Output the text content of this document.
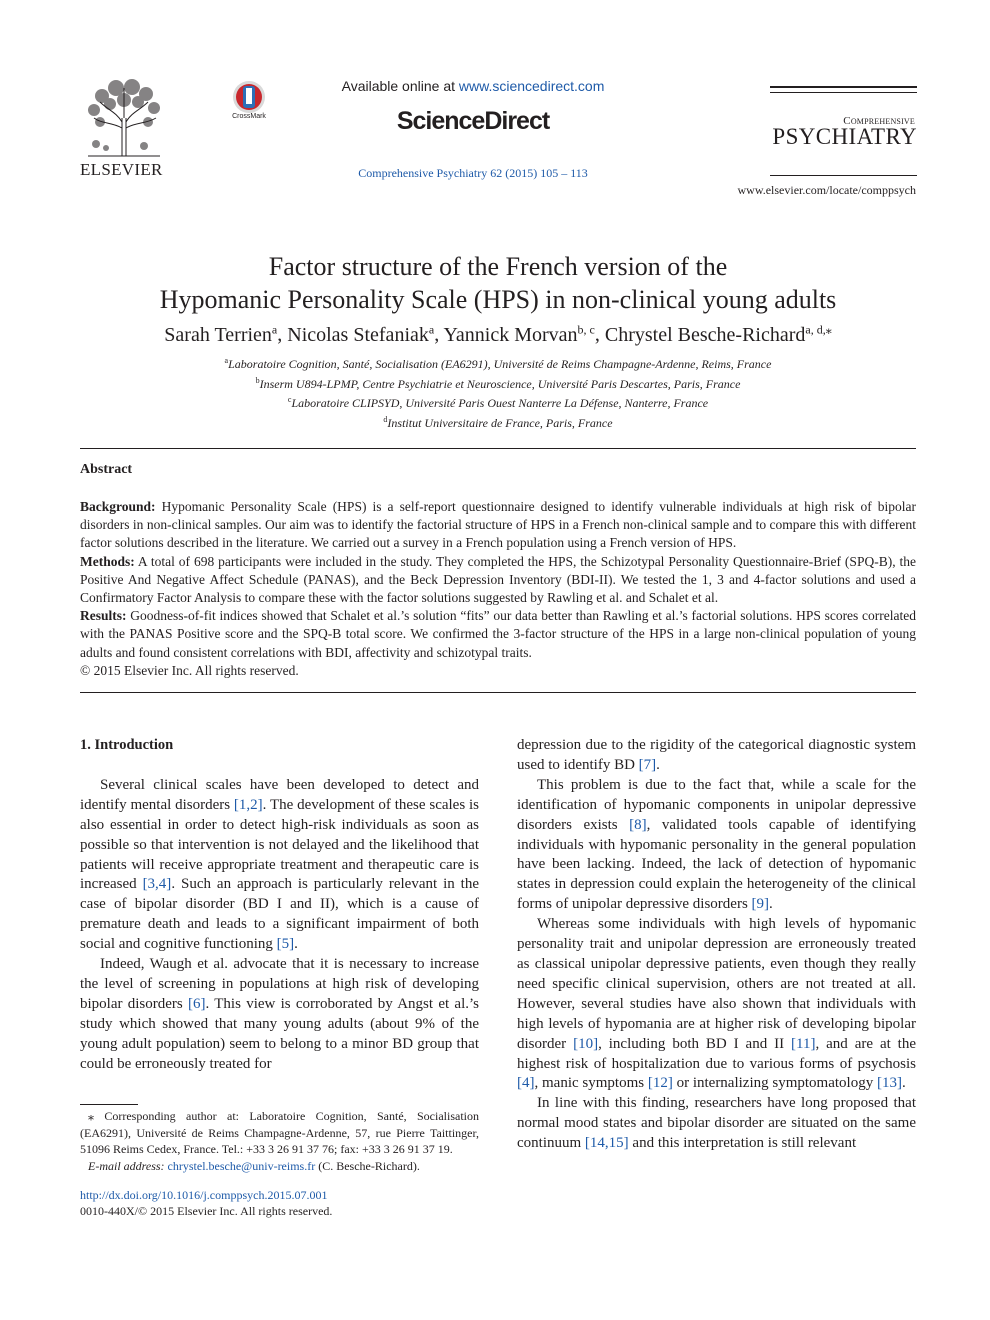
ELSEVIER
CrossMark
Available online at www.sciencedirect.com
ScienceDirect
Comprehensive Psychiatry 62 (2015) 105 – 113
Comprehensive
PSYCHIATRY
www.elsevier.com/locate/comppsych
Factor structure of the French version of the
Hypomanic Personality Scale (HPS) in non-clinical young adults
Sarah Terrien$^a$, Nicolas Stefaniak$^a$, Yannick Morvan$^{b, c}$, Chrystel Besche-Richard$^{a, d,⁎}$
$^a$Laboratoire Cognition, Santé, Socialisation (EA6291), Université de Reims Champagne-Ardenne, Reims, France
$^b$Inserm U894-LPMP, Centre Psychiatrie et Neuroscience, Université Paris Descartes, Paris, France
$^c$Laboratoire CLIPSYD, Université Paris Ouest Nanterre La Défense, Nanterre, France
$^d$Institut Universitaire de France, Paris, France
Abstract

Background: Hypomanic Personality Scale (HPS) is a self-report questionnaire designed to identify vulnerable individuals at high risk of bipolar disorders in non-clinical samples. Our aim was to identify the factorial structure of HPS in a French non-clinical sample and to compare this with different factor solutions described in the literature. We carried out a survey in a French population using a French version of HPS.

Methods: A total of 698 participants were included in the study. They completed the HPS, the Schizotypal Personality Questionnaire-Brief (SPQ-B), the Positive And Negative Affect Schedule (PANAS), and the Beck Depression Inventory (BDI-II). We tested the 1, 3 and 4-factor solutions and used a Confirmatory Factor Analysis to compare these with the factor solutions suggested by Rawling et al. and Schalet et al.

Results: Goodness-of-fit indices showed that Schalet et al.’s solution “fits” our data better than Rawling et al.’s factorial solutions. HPS scores correlated with the PANAS Positive score and the SPQ-B total score. We confirmed the 3-factor structure of the HPS in a large non-clinical population of young adults and found consistent correlations with BDI, affectivity and schizotypal traits.

© 2015 Elsevier Inc. All rights reserved.

1. Introduction

Several clinical scales have been developed to detect and identify mental disorders [1,2]. The development of these scales is also essential in order to detect high-risk individuals as soon as possible so that intervention is not delayed and the likelihood that patients will receive appropriate treatment and therapeutic care is increased [3,4]. Such an approach is particularly relevant in the case of bipolar disorder (BD I and II), which is a cause of premature death and leads to a significant impairment of both social and cognitive functioning [5].

Indeed, Waugh et al. advocate that it is necessary to increase the level of screening in populations at high risk of developing bipolar disorders [6]. This view is corroborated by Angst et al.’s study which showed that many young adults (about 9% of the young adult population) seem to belong to a minor BD group that could be erroneously treated for

depression due to the rigidity of the categorical diagnostic system used to identify BD [7].

This problem is due to the fact that, while a scale for the identification of hypomanic components in unipolar depressive disorders exists [8], validated tools capable of identifying individuals with hypomanic personality in the general population have been lacking. Indeed, the lack of detection of hypomanic states in depression could explain the heterogeneity of the clinical forms of unipolar depressive disorders [9].

Whereas some individuals with high levels of hypomanic personality trait and unipolar depression are erroneously treated as classical unipolar depressive patients, even though they really need specific clinical supervision, others are not treated at all. However, several studies have also shown that individuals with high levels of hypomania are at higher risk of developing bipolar disorder [10], including both BD I and II [11], and are at the highest risk of hospitalization due to various forms of psychosis [4], manic symptoms [12] or internalizing symptomatology [13].

In line with this finding, researchers have long proposed that normal mood states and bipolar disorder are situated on the same continuum [14,15] and this interpretation is still relevant

⁎ Corresponding author at: Laboratoire Cognition, Santé, Socialisation (EA6291), Université de Reims Champagne-Ardenne, 57, rue Pierre Taittinger, 51096 Reims Cedex, France. Tel.: +33 3 26 91 37 76; fax: +33 3 26 91 37 19.

E-mail address: chrystel.besche@univ-reims.fr (C. Besche-Richard).

http://dx.doi.org/10.1016/j.comppsych.2015.07.001
0010-440X/© 2015 Elsevier Inc. All rights reserved.
